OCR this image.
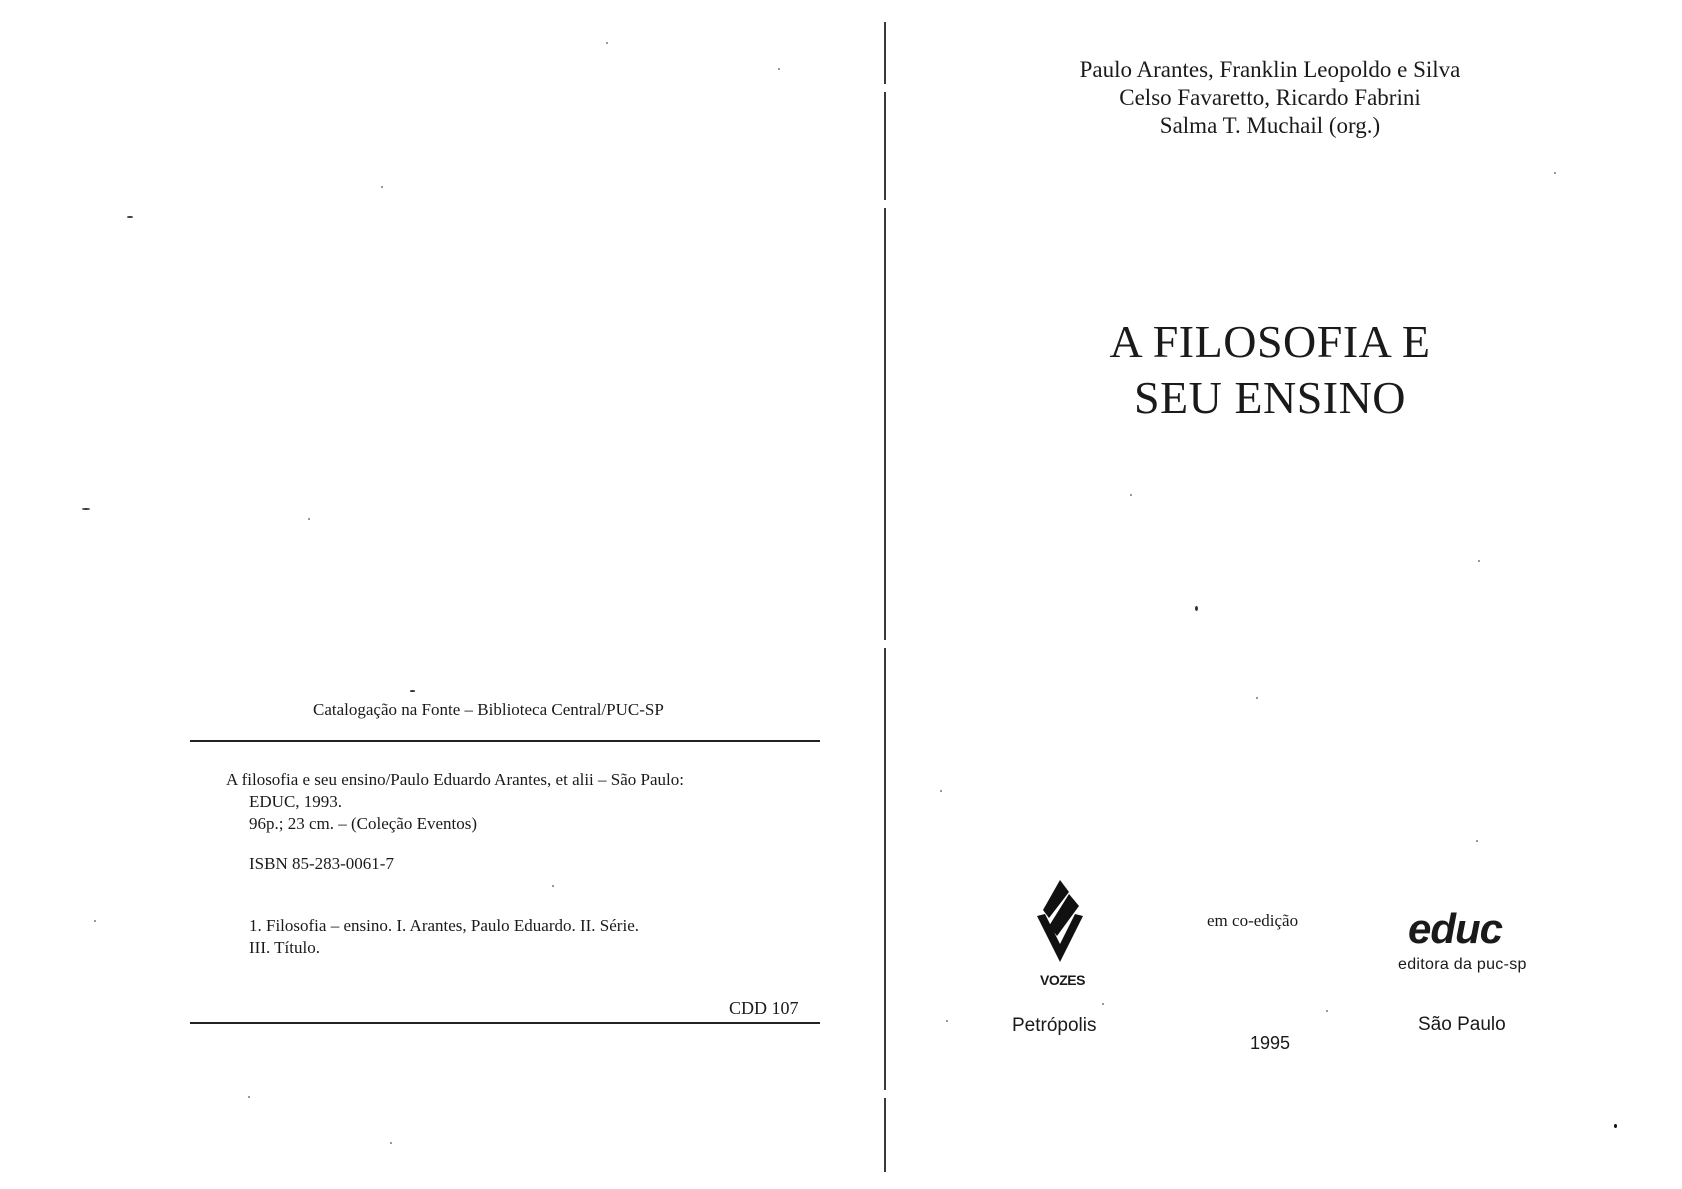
Catalogação na Fonte – Biblioteca Central/PUC-SP
A filosofia e seu ensino/Paulo Eduardo Arantes, et alii – São Paulo:
EDUC, 1993.
96p.; 23 cm. – (Coleção Eventos)
ISBN 85-283-0061-7
1. Filosofia – ensino. I. Arantes, Paulo Eduardo. II. Série.
III. Título.
CDD 107
Paulo Arantes, Franklin Leopoldo e Silva
Celso Favaretto, Ricardo Fabrini
Salma T. Muchail (org.)
A FILOSOFIA E
SEU ENSINO
VOZES
em co-edição	educ
editora da puc-sp
Petrópolis
1995
São Paulo
